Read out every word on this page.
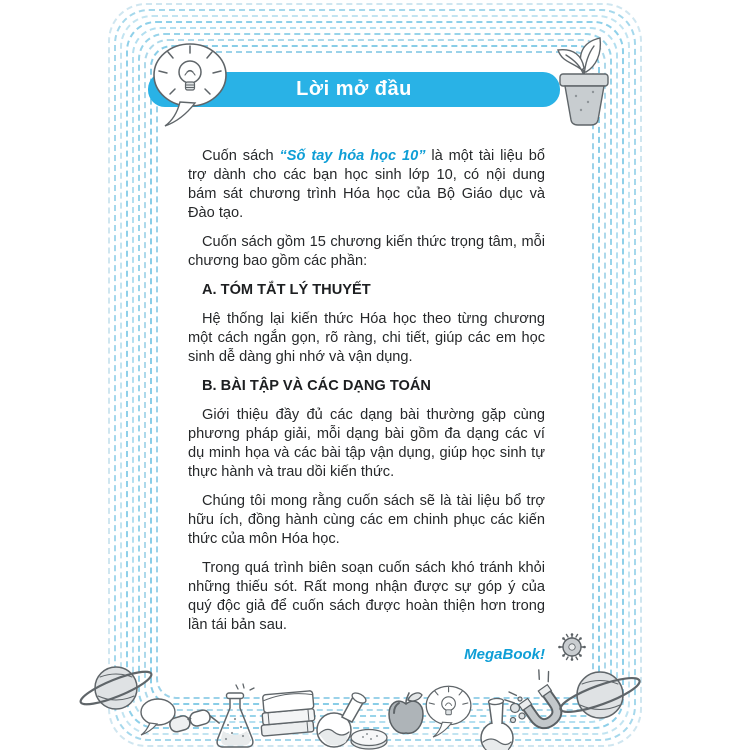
Lời mở đầu

Cuốn sách “Số tay hóa học 10” là một tài liệu bổ trợ dành cho các bạn học sinh lớp 10, có nội dung bám sát chương trình Hóa học của Bộ Giáo dục và Đào tạo.

Cuốn sách gồm 15 chương kiến thức trọng tâm, mỗi chương bao gồm các phần:

A. TÓM TẮT LÝ THUYẾT

Hệ thống lại kiến thức Hóa học theo từng chương một cách ngắn gọn, rõ ràng, chi tiết, giúp các em học sinh dễ dàng ghi nhớ và vận dụng.

B. BÀI TẬP VÀ CÁC DẠNG TOÁN

Giới thiệu đầy đủ các dạng bài thường gặp cùng phương pháp giải, mỗi dạng bài gồm đa dạng các ví dụ minh họa và các bài tập vận dụng, giúp học sinh tự thực hành và trau dồi kiến thức.

Chúng tôi mong rằng cuốn sách sẽ là tài liệu bổ trợ hữu ích, đồng hành cùng các em chinh phục các kiến thức của môn Hóa học.

Trong quá trình biên soạn cuốn sách khó tránh khỏi những thiếu sót. Rất mong nhận được sự góp ý của quý độc giả để cuốn sách được hoàn thiện hơn trong lần tái bản sau.

MegaBook!
